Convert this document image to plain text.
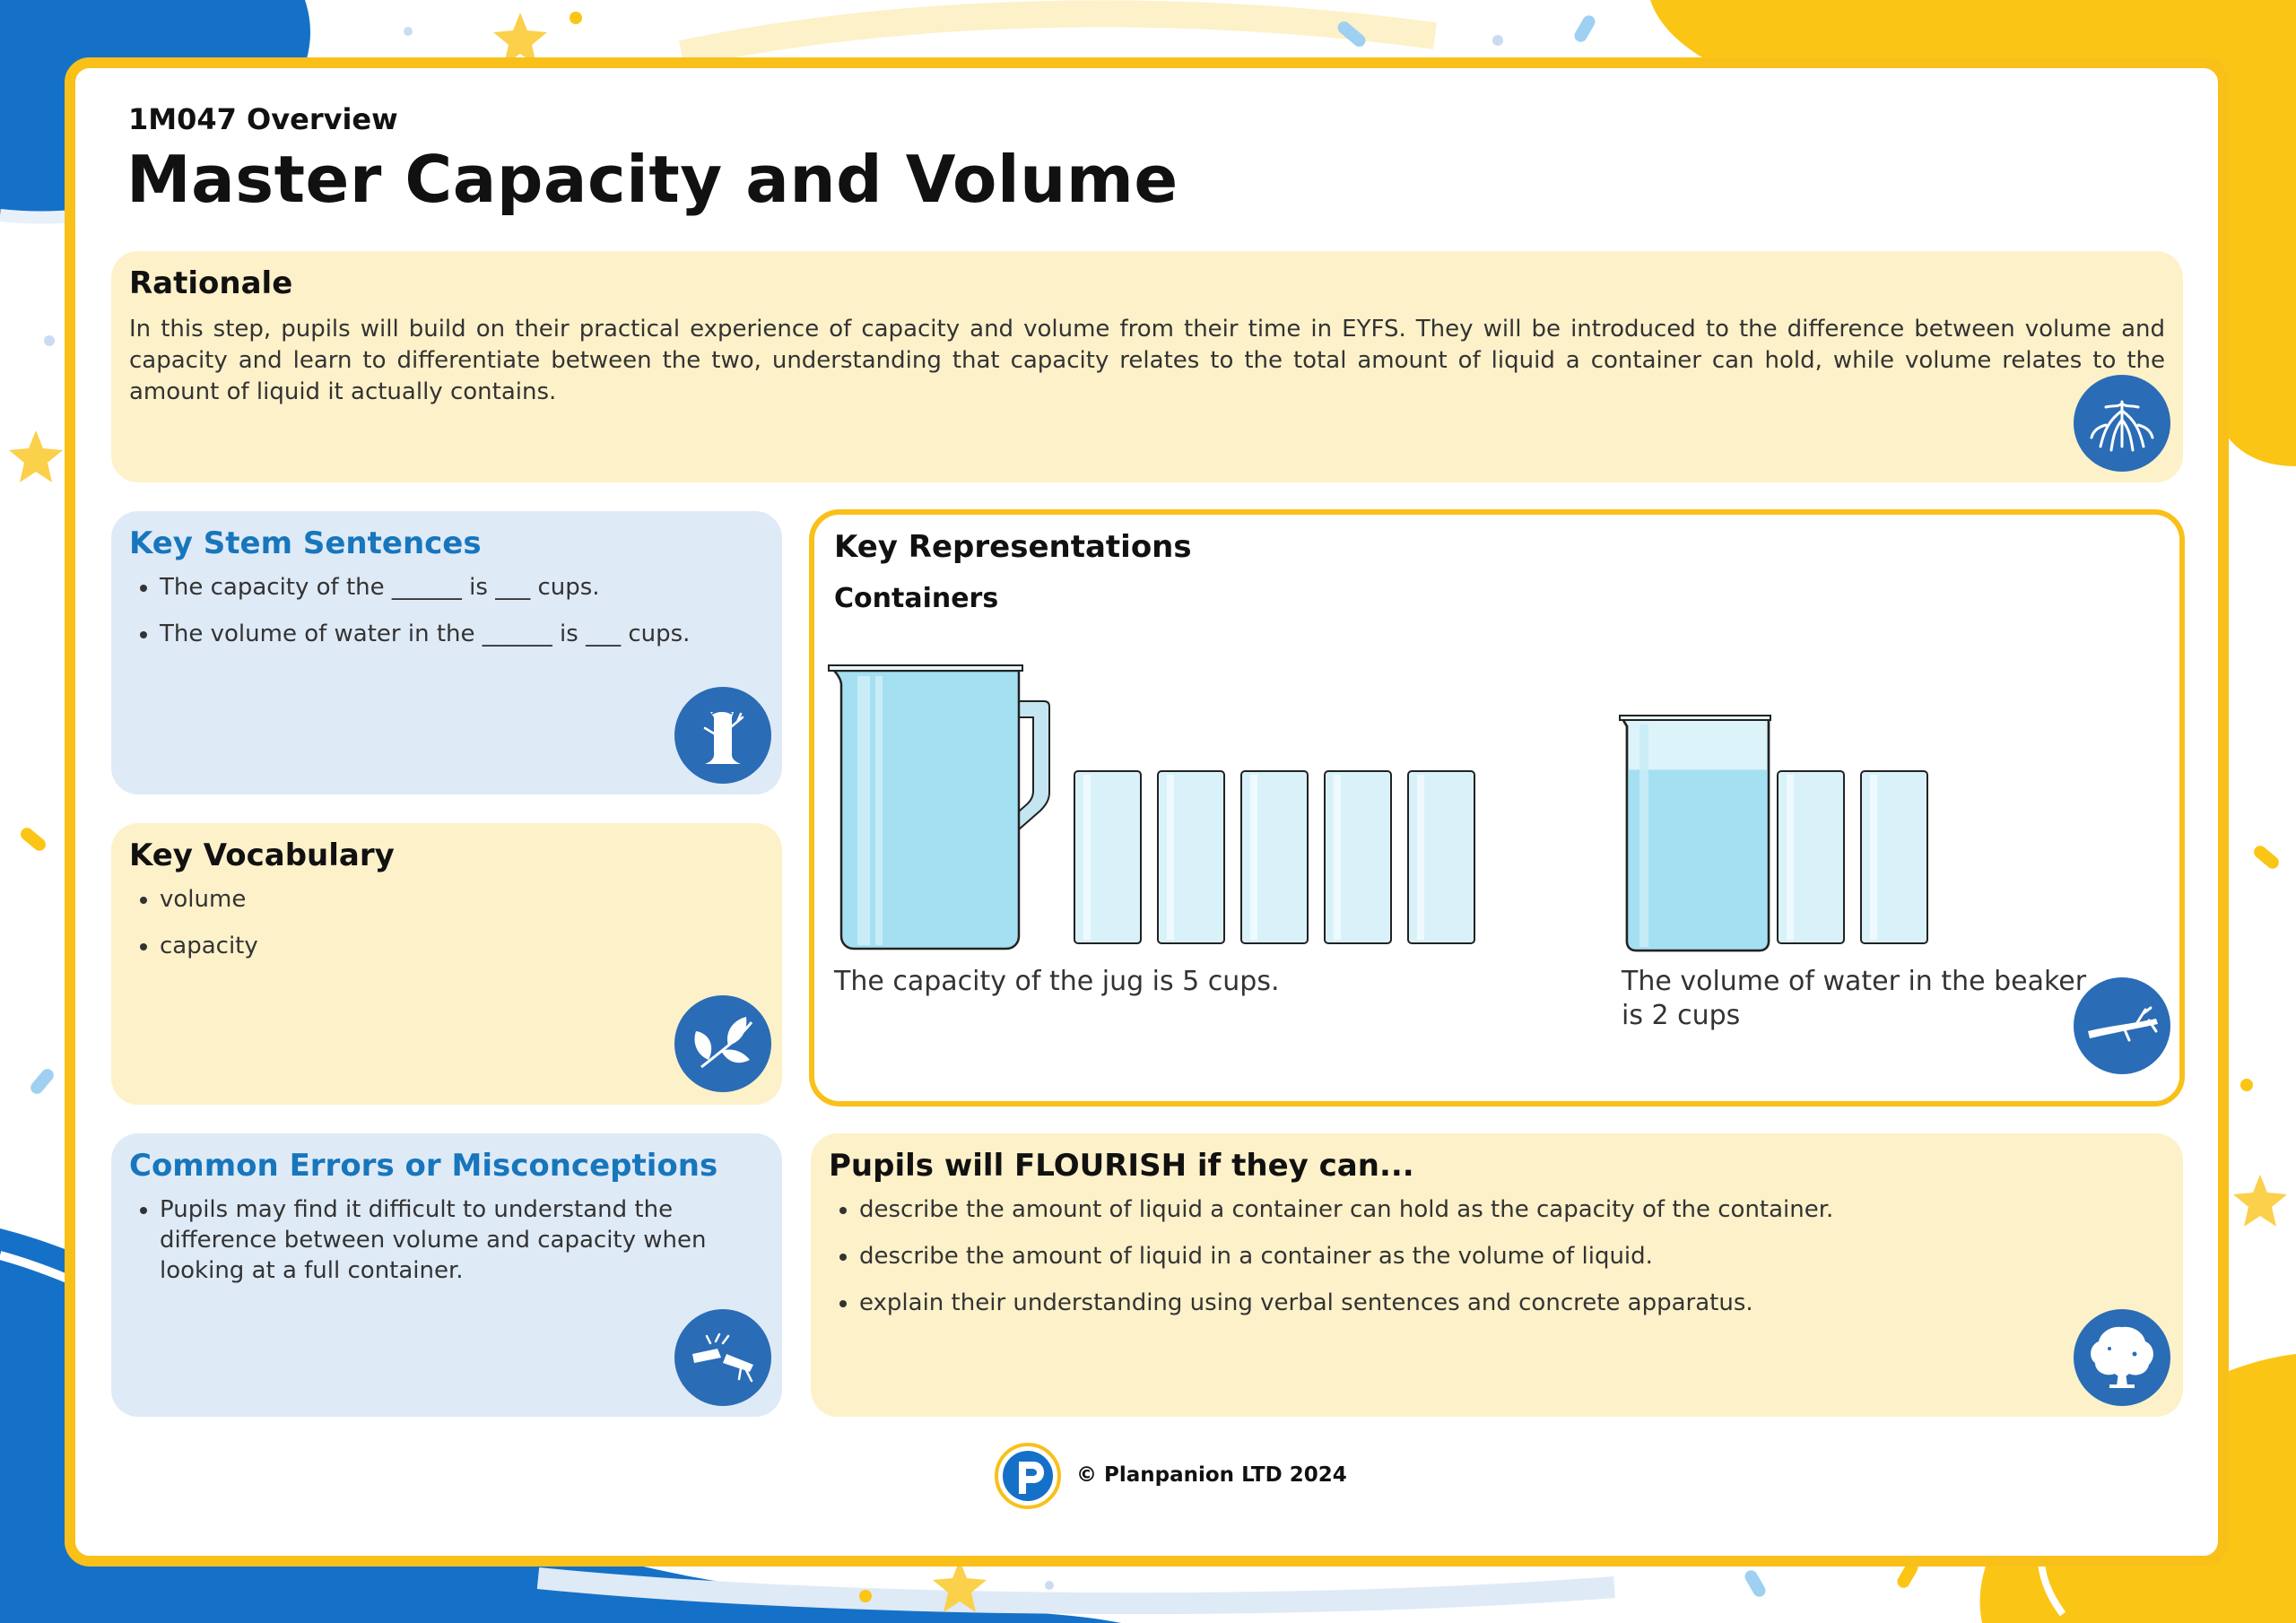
1M047 Overview

Master Capacity and Volume
Rationale

In this step, pupils will build on their practical experience of capacity and volume from their time in EYFS. They will be introduced to the difference between volume and capacity and learn to differentiate between the two, understanding that capacity relates to the total amount of liquid a container can hold, while volume relates to the amount of liquid it actually contains.

Key Stem Sentences
• The capacity of the ______ is ___ cups.
• The volume of water in the ______ is ___ cups.
Key Vocabulary
• volume
• capacity
Common Errors or Misconceptions
• Pupils may find it difficult to understand the difference between volume and capacity when looking at a full container.
Key Representations
Containers
The capacity of the jug is 5 cups.	The volume of water in the beaker is 2 cups
Pupils will FLOURISH if they can...
• describe the amount of liquid a container can hold as the capacity of the container.
• describe the amount of liquid in a container as the volume of liquid.
• explain their understanding using verbal sentences and concrete apparatus.
© Planpanion LTD 2024
